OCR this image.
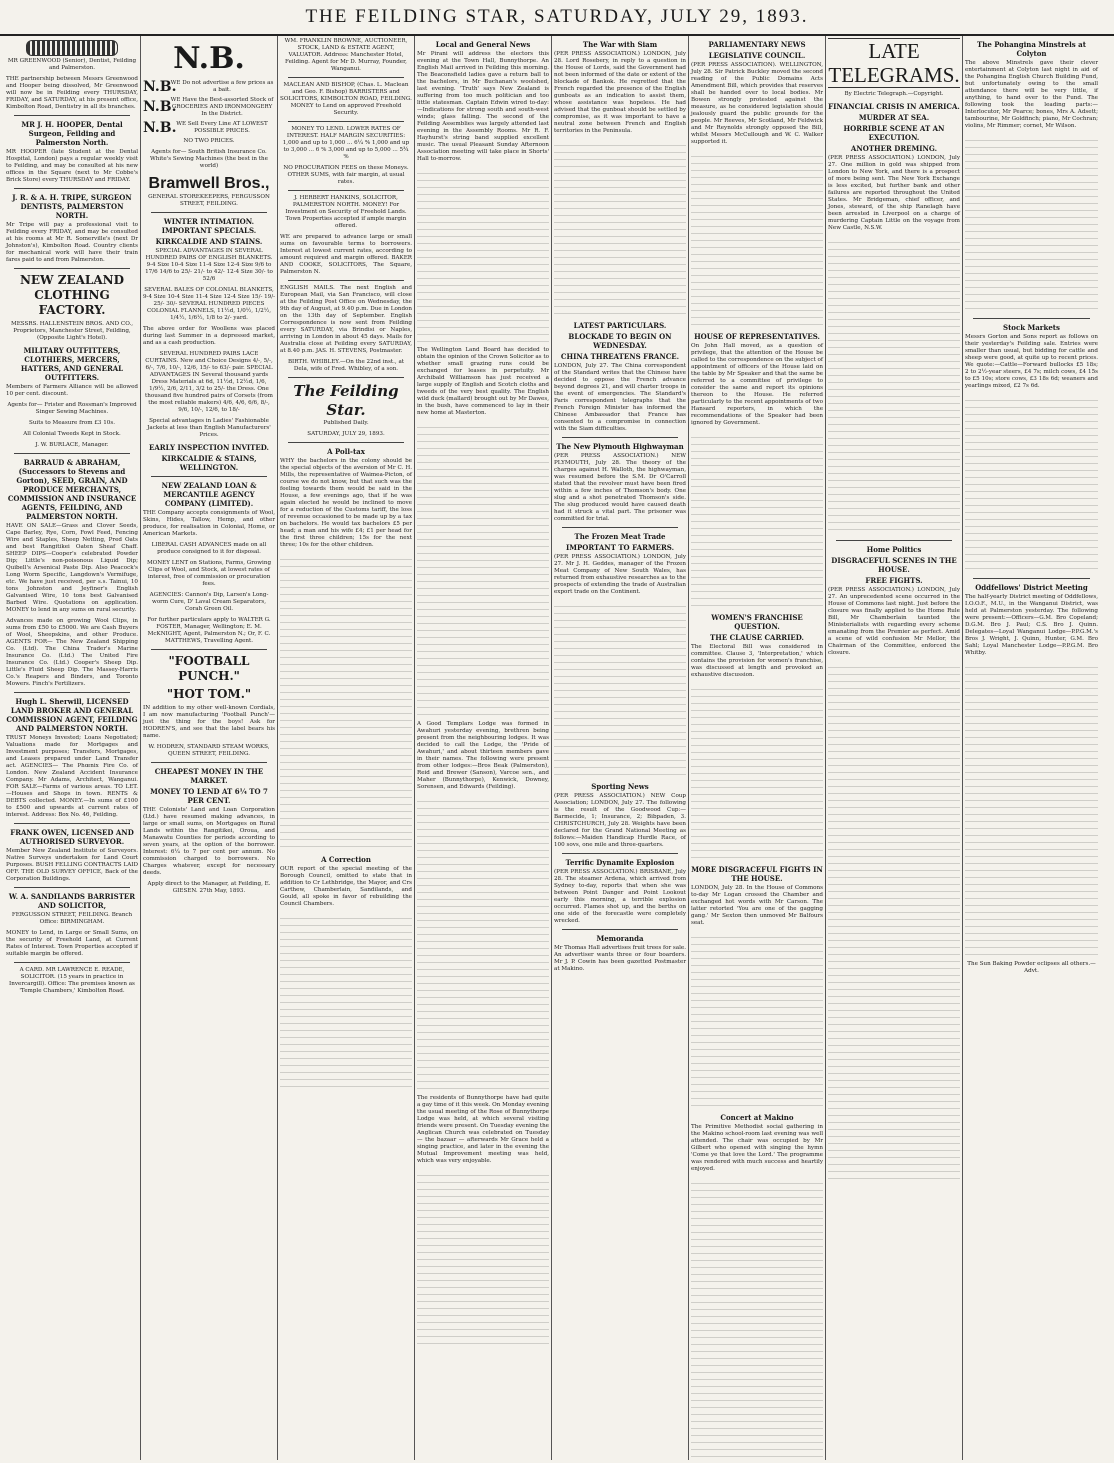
THE FEILDING STAR, SATURDAY, JULY 29, 1893.
MR GREENWOOD (Senior), Dentist, Feilding and Palmerston.
THE partnership between Messrs Greenwood and Hooper being dissolved, Mr Greenwood will now be in Feilding every THURSDAY, FRIDAY, and SATURDAY, at his present office, Kimbolton Road, Dentistry in all its branches.
MR J. H. HOOPER, Dental Surgeon, Feilding and Palmerston North.
MR HOOPER (late Student at the Dental Hospital, London) pays a regular weekly visit to Feilding, and may be consulted at his new offices in the Square (next to Mr Cobbe's Brick Store) every THURSDAY and FRIDAY.
J. R. & A. H. TRIPE, SURGEON DENTISTS, PALMERSTON NORTH.
Mr Tripe will pay a professional visit to Feilding every FRIDAY, and may be consulted at his rooms at Mr R. Somerville's (next Dr Johnston's), Kimbolton Road. Country clients for mechanical work will have their train fares paid to and from Palmerston.
NEW ZEALAND CLOTHING FACTORY.
MESSRS. HALLENSTEIN BROS. AND CO., Proprietors, Manchester Street, Feilding, (Opposite Light's Hotel).
MILITARY OUTFITTERS, CLOTHIERS, MERCERS, HATTERS, AND GENERAL OUTFITTERS.
Members of Farmers Alliance will be allowed 10 per cent. discount.
Agents for— Frister and Rossman's Improved Singer Sewing Machines.
Suits to Measure from £3 10s.
All Colonial Tweeds Kept in Stock.
J. W. BURLACE, Manager.
BARRAUD & ABRAHAM, (Successors to Stevens and Gorton), SEED, GRAIN, AND PRODUCE MERCHANTS, COMMISSION AND INSURANCE AGENTS, FEILDING, AND PALMERSTON NORTH.
HAVE ON SALE—Grass and Clover Seeds, Cape Barley, Rye, Corn, Fowl Feed, Fencing Wire and Staples, Sheep Netting, Pred Oats and best Rangitikei Oaten Sheaf Chaff. SHEEP DIPS—Cooper's celebrated Powder Dip; Little's non-poisonous Liquid Dip; Quibell's Arsenical Paste Dip. Also Peacock's Long Worm Specific, Langdown's Vermifuge, etc. We have just received, per s.s. Tainui, 10 tons Johnston and Jeyfiner's English Galvanised Wire, 10 tons best Galvanised Barbed Wire. Quotations on application. MONEY to lend in any sums on rural security.
Advances made on growing Wool Clips, in sums from £50 to £5000. We are Cash Buyers of Wool, Sheepskins, and other Produce. AGENTS FOR— The New Zealand Shipping Co. (Ltd). The China Trader's Marine Insurance Co. (Ltd.) The United Fire Insurance Co. (Ltd.) Cooper's Sheep Dip. Little's Fluid Sheep Dip. The Massey-Harris Co.'s Reapers and Binders, and Toronto Mowers. Finch's Fertilizers.
Hugh L. Sherwill, LICENSED LAND BROKER AND GENERAL COMMISSION AGENT, FEILDING AND PALMERSTON NORTH.
TRUST Moneys Invested; Loans Negotiated; Valuations made for Mortgages and Investment purposes; Transfers, Mortgages, and Leases prepared under Land Transfer act. AGENCIES— The Phœnix Fire Co. of London. New Zealand Accident Insurance Company. Mr Adams, Architect, Wanganui. FOR SALE—Farms of various areas. TO LET.—Houses and Shops in town. RENTS & DEBTS collected. MONEY.—In sums of £100 to £500 and upwards at current rates of interest. Address: Box No. 46, Feilding.
FRANK OWEN, LICENSED AND AUTHORISED SURVEYOR.
Member New Zealand Institute of Surveyors. Native Surveys undertaken for Land Court Purposes. BUSH FELLING CONTRACTS LAID OFF. THE OLD SURVEY OFFICE, Back of the Corporation Buildings.
W. A. SANDILANDS BARRISTER AND SOLICITOR,
FERGUSSON STREET, FEILDING. Branch Office: BIRMINGHAM.
MONEY to Lend, in Large or Small Sums, on the security of Freehold Land, at Current Rates of Interest. Town Properties accepted if suitable margin be offered.
A CARD. MR LAWRENCE E. READE, SOLICITOR. (15 years in practice in Invercargill). Office: The premises known as 'Temple Chambers,' Kimbolton Road.
N.B.
N.B.
WE Do not advertise a few prices as a bait.
N.B.
WE Have the Best-assorted Stock of GROCERIES AND IRONMONGERY In the District.
N.B. WE Sell Every Line AT LOWEST POSSIBLE PRICES.
NO TWO PRICES.
Agents for— South British Insurance Co. White's Sewing Machines (the best in the world)
Bramwell Bros.,
GENERAL STOREKEEPERS, FERGUSSON STREET, FEILDING.
WINTER INTIMATION. IMPORTANT SPECIALS.
KIRKCALDIE AND STAINS.
SPECIAL ADVANTAGES IN SEVERAL HUNDRED PAIRS OF ENGLISH BLANKETS. 9-4 Size 10-4 Size 11-4 Size 12-4 Size 9/6 to 17/6 14/6 to 25/- 21/- to 42/- 12-4 Size 30/- to 52/6
SEVERAL BALES OF COLONIAL BLANKETS, 9-4 Size 10-4 Size 11-4 Size 12-4 Size 15/- 19/- 25/- 30/- SEVERAL HUNDRED PIECES COLONIAL FLANNELS, 11½d, 1/0½, 1/2½, 1/4½, 1/6½, 1/8 to 2/- yard.
The above order for Woollens was placed during last Summer in a depressed market, and as a cash production.
SEVERAL HUNDRED PAIRS LACE CURTAINS. New and Choice Designs 4/-, 5/-, 6/-, 7/6, 10/-, 12/6, 15/- to 63/- pair. SPECIAL ADVANTAGES IN Several thousand yards Dress Materials at 6d, 11½d, 12½d, 1/6, 1/9½, 2/6, 2/11, 3/2 to 25/- the Dress. One thousand five hundred pairs of Corsets (from the most reliable makers) 4/6, 4/6, 6/6, 8/-, 9/6, 10/-, 12/6, to 18/-
Special advantages in Ladies' Fashionable Jackets at less than English Manufacturers' Prices.
EARLY INSPECTION INVITED.
KIRKCALDIE & STAINS, WELLINGTON.
NEW ZEALAND LOAN & MERCANTILE AGENCY COMPANY (LIMITED).
THE Company accepts consignments of Wool, Skins, Hides, Tallow, Hemp, and other produce, for realisation in Colonial, Home, or American Markets.
LIBERAL CASH ADVANCES made on all produce consigned to it for disposal.
MONEY LENT on Stations, Farms, Growing Clips of Wool, and Stock, at lowest rates of interest, free of commission or procuration fees.
AGENCIES: Cannon's Dip, Larsen's Long-worm Cure, D' Laval Cream Separators, Corah Green Oil.
For further particulars apply to WALTER G. FOSTER, Manager, Wellington; E. M. McKNIGHT, Agent, Palmerston N.; Or, F. C. MATTHEWS, Travelling Agent.
"FOOTBALL PUNCH."
"HOT TOM."
IN addition to my other well-known Cordials, I am now manufacturing 'Football Punch'—just the thing for the boys! Ask for HODREN'S, and see that the label bears his name.
W. HODREN, STANDARD STEAM WORKS, QUEEN STREET, FEILDING.
CHEAPEST MONEY IN THE MARKET.
MONEY TO LEND AT 6¼ TO 7 PER CENT.
THE Colonists' Land and Loan Corporation (Ltd.) have resumed making advances, in large or small sums, on Mortgages on Rural Lands within the Rangitikei, Oroua, and Manawatu Counties for periods according to seven years, at the option of the borrower. Interest: 6¼ to 7 per cent per annum. No commission charged to borrowers. No Charges whatever, except for necessary deeds.
Apply direct to the Manager, at Feilding, E. GIESEN. 27th May, 1893.
WM. FRANKLIN BROWNE, AUCTIONEER, STOCK, LAND & ESTATE AGENT, VALUATOR. Address: Manchester Hotel, Feilding. Agent for Mr D. Murray, Founder, Wanganui.
MACLEAN AND BISHOP, (Chas. L. Maclean and Geo. F. Bishop) BARRISTERS and SOLICITORS, KIMBOLTON ROAD, FEILDING. MONEY to Lend on approved Freehold Security.
MONEY TO LEND. LOWER RATES OF INTEREST. HALF MARGIN SECURITIES: 1,000 and up to 1,000 ... 6¼ % 1,000 and up to 3,000 ... 6 % 3,000 and up to 5,000 ... 5¾ %
NO PROCURATION FEES on these Moneys. OTHER SUMS, with fair margin, at usual rates.
J. HERBERT HANKINS, SOLICITOR, PALMERSTON NORTH. MONEY! For Investment on Security of Freehold Lands. Town Properties accepted if ample margin offered.
WE are prepared to advance large or small sums on favourable terms to borrowers. Interest at lowest current rates, according to amount required and margin offered. BAKER AND COOKE, SOLICITORS, The Square, Palmerston N.
ENGLISH MAILS. The next English and European Mail, via San Francisco, will close at the Feilding Post Office on Wednesday, the 9th day of August, at 9.40 p.m. Due in London on the 13th day of September. English Correspondence is now sent from Feilding every SATURDAY, via Brindisi or Naples, arriving in London in about 45 days. Mails for Australia close at Feilding every SATURDAY, at 8.40 p.m. JAS. H. STEVENS, Postmaster.
BIRTH. WHIBLEY.—On the 22nd inst., at Dela, wife of Fred. Whibley, of a son.
The Feilding Star.
Published Daily.
SATURDAY, JULY 29, 1893.
A Poll-tax
WHY the bachelors in the colony should be the special objects of the aversion of Mr C. H. Mills, the representative of Waimea-Picton, of course we do not know, but that such was the feeling towards them would be said in the House, a few evenings ago, that if he was again elected he would be inclined to move for a reduction of the Customs tariff, the loss of revenue occasioned to be made up by a tax on bachelors. He would tax bachelors £5 per head; a man and his wife £4; £1 per head for the first three children; 15s for the next three; 10s for the other children.
A Correction
OUR report of the special meeting of the Borough Council, omitted to state that in addition to Cr Lethbridge, the Mayor, and Crs Carthew, Chamberlain, Sandilands, and Gould, all spoke in favor of rebuilding the Council Chambers.
Local and General News
Mr Pirani will address the electors this evening at the Town Hall, Bunnythorpe. An English Mail arrived in Feilding this morning. The Beaconsfield ladies gave a return ball to the bachelors, in Mr Buchanan's woolshed, last evening. 'Truth' says New Zealand is suffering from too much politician and too little statesman. Captain Edwin wired to-day:—Indications for strong south and south-west winds; glass falling. The second of the Feilding Assemblies was largely attended last evening in the Assembly Rooms. Mr R. F. Hayhurst's string band supplied excellent music. The usual Pleasant Sunday Afternoon Association meeting will take place in Shorts' Hall to-morrow.
The Wellington Land Board has decided to obtain the opinion of the Crown Solicitor as to whether small grazing runs could be exchanged for leases in perpetuity. Mr Archibald Williamson has just received a large supply of English and Scotch cloths and tweeds of the very best quality. The English wild duck (mallard) brought out by Mr Dawes, in the bush, have commenced to lay in their new home at Masterton.
A Good Templars Lodge was formed in Awahuri yesterday evening, brethren being present from the neighbouring lodges. It was decided to call the Lodge, the 'Pride of Awahuri,' and about thirteen members gave in their names. The following were present from other lodges:—Bros Beak (Palmerston), Reid and Brewer (Sanson), Varcoe sen., and Maher (Bunnythorpe), Kenwick, Downey, Sorensen, and Edwards (Feilding).
The residents of Bunnythorpe have had quite a gay time of it this week. On Monday evening the usual meeting of the Rose of Bunnythorpe Lodge was held, at which several visiting friends were present. On Tuesday evening the Anglican Church was celebrated on Tuesday — the bazaar — afterwards Mr Grace held a singing practice, and later in the evening the Mutual Improvement meeting was held, which was very enjoyable.
The War with Siam
(PER PRESS ASSOCIATION.) LONDON, July 28. Lord Rosebery, in reply to a question in the House of Lords, said the Government had not been informed of the date or extent of the blockade of Bankok. He regretted that the French regarded the presence of the English gunboats as an indication to assist them, whose assistance was hopeless. He had advised that the gunboat should be settled by compromise, as it was important to have a neutral zone between French and English territories in the Peninsula.
LATEST PARTICULARS.
BLOCKADE TO BEGIN ON WEDNESDAY.
CHINA THREATENS FRANCE.
LONDON, July 27. The China correspondent of the Standard writes that the Chinese have decided to oppose the French advance beyond degrees 21, and will charter troops in the event of emergencies. The Standard's Paris correspondent telegraphs that the French Foreign Minister has informed the Chinese Ambassador that France has consented to a compromise in connection with the Siam difficulties.
The New Plymouth Highwayman
(PER PRESS ASSOCIATION.) NEW PLYMOUTH, July 28. The theory of the charges against H. Walloth, the highwayman, was resumed before the S.M. Dr O'Carroll stated that the revolver must have been fired within a few inches of Thomson's body. One slug and a shot penetrated Thomson's side. The slug produced would have caused death had it struck a vital part. The prisoner was committed for trial.
The Frozen Meat Trade
IMPORTANT TO FARMERS.
(PER PRESS ASSOCIATION.) LONDON, July 27. Mr J. H. Geddes, manager of the Frozen Meat Company of New South Wales, has returned from exhaustive researches as to the prospects of extending the trade of Australian export trade on the Continent.
Sporting News
(PER PRESS ASSOCIATION.) NEW Coup Association; LONDON, July 27. The following is the result of the Goodwood Cup:—Barmecide, 1; Insurance, 2; Bibpaden, 3. CHRISTCHURCH, July 28. Weights have been declared for the Grand National Meeting as follows:—Maiden Handicap Hurdle Race, of 100 sovs, one mile and three-quarters.
Terrific Dynamite Explosion
(PER PRESS ASSOCIATION.) BRISBANE, July 28. The steamer Ardena, which arrived from Sydney to-day, reports that when she was between Point Danger and Point Lookout early this morning, a terrible explosion occurred. Flames shot up, and the berths on one side of the forecastle were completely wrecked.
Memoranda
Mr Thomas Hall advertises fruit trees for sale. An advertiser wants three or four boarders. Mr J. P. Cowin has been gazetted Postmaster at Makino.
PARLIAMENTARY NEWS
LEGISLATIVE COUNCIL.
(PER PRESS ASSOCIATION). WELLINGTON, July 28. Sir Patrick Buckley moved the second reading of the Public Domains Acts Amendment Bill, which provides that reserves shall be handed over to local bodies. Mr Bowen strongly protested against the measure, as he considered legislation should jealously guard the public grounds for the people. Mr Reeves, Mr Scotland, Mr Feldwick and Mr Reynolds strongly opposed the Bill, whilst Messrs McCullough and W. C. Walker supported it.
HOUSE OF REPRESENTATIVES.
On John Hall moved, as a question of privilege, that the attention of the House be called to the correspondence on the subject of appointment of officers of the House laid on the table by Mr Speaker and that the same be referred to a committee of privilege to consider the same and report its opinions thereon to the House. He referred particularly to the recent appointments of two Hansard reporters, in which the recommendations of the Speaker had been ignored by Government.
WOMEN'S FRANCHISE QUESTION.
THE CLAUSE CARRIED.
The Electoral Bill was considered in committee. Clause 3, 'Interpretation,' which contains the provision for women's franchise, was discussed at length and provoked an exhaustive discussion.
MORE DISGRACEFUL FIGHTS IN THE HOUSE.
LONDON, July 28. In the House of Commons to-day Mr Logan crossed the Chamber and exchanged hot words with Mr Carson. The latter retorted 'You are one of the gagging gang.' Mr Sexton then unmoved Mr Balfours seat.
Concert at Makino
The Primitive Methodist social gathering in the Makino school-room last evening was well attended. The chair was occupied by Mr Gilbert who opened with singing the hymn 'Come ye that love the Lord.' The programme was rendered with much success and heartily enjoyed.
LATE TELEGRAMS.
By Electric Telegraph.—Copyright.
FINANCIAL CRISIS IN AMERICA.
MURDER AT SEA.
HORRIBLE SCENE AT AN EXECUTION.
ANOTHER DREMING.
(PER PRESS ASSOCIATION.) LONDON, July 27. One million in gold was shipped from London to New York, and there is a prospect of more being sent. The New York Exchange is less excited, but further bank and other failures are reported throughout the United States. Mr Bridgeman, chief officer, and Jones, steward, of the ship Ranelagh have been arrested in Liverpool on a charge of murdering Captain Little on the voyage from New Castle, N.S.W.
Home Politics
DISGRACEFUL SCENES IN THE HOUSE.
FREE FIGHTS.
(PER PRESS ASSOCIATION.) LONDON, July 27. An unprecedented scene occurred in the House of Commons last night. Just before the closure was finally applied to the Home Rule Bill, Mr Chamberlain taunted the Ministerialists with regarding every scheme emanating from the Premier as perfect. Amid a scene of wild confusion Mr Mellor, the Chairman of the Committee, enforced the closure.
The Pohangina Minstrels at Colyton
The above Minstrels gave their clever entertainment at Colyton last night in aid of the Pohangina English Church Building Fund, but unfortunately owing to the small attendance there will be very little, if anything, to hand over to the Fund. The following took the leading parts:—Interlocutor, Mr Pearce; bones, Mrs A. Adsett; tambourine, Mr Goldfinch; piano, Mr Cochran; violins, Mr Rimmer; cornet, Mr Wilson.
Stock Markets
Messrs Gorton and Sons report as follows on their yesterday's Feilding sale. Entries were smaller than usual, but bidding for cattle and sheep were good, at quite up to recent prices. We quote:—Cattle—Forward bullocks £5 18s; 2 to 2½-year steers, £4 7s; milch cows, £4 15s to £5 10s; store cows, £3 18s 6d; weaners and yearlings mixed, £2 7s 6d.
Oddfellows' District Meeting
The half-yearly District meeting of Oddfellows, I.O.O.F., M.U., in the Wanganui District, was held at Palmerston yesterday. The following were present:—Officers—G.M. Bro Copeland; D.G.M. Bro J. Paul; C.S. Bro J. Quinn. Delegates—Loyal Wanganui Lodge—P.P.G.M.'s Bros J. Wright, J. Quinn, Hunter, G.M. Bro Sahl; Loyal Manchester Lodge—P.P.G.M. Bro Whitby.
The Sun Baking Powder eclipses all others.—Advt.
